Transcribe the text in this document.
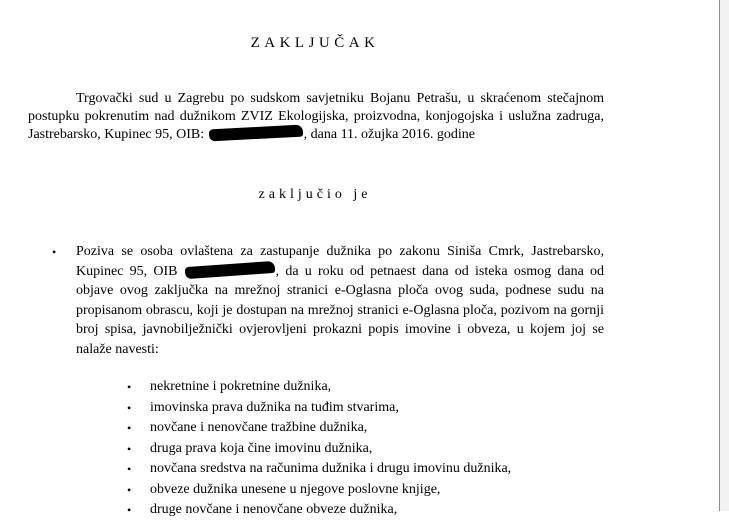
ZAKLJUČAK
Trgovački sud u Zagrebu po sudskom savjetniku Bojanu Petrašu, u skraćenom stečajnom postupku pokrenutim nad dužnikom ZVIZ Ekologijska, proizvodna, konjogojska i uslužna zadruga, Jastrebarsko, Kupinec 95, OIB:	, dana 11. ožujka 2016. godine
zaključio je
• Poziva se osoba ovlaštena za zastupanje dužnika po zakonu Siniša Cmrk, Jastrebarsko, Kupinec 95, OIB	, da u roku od petnaest dana od isteka osmog dana od objave ovog zaključka na mrežnoj stranici e-Oglasna ploča ovog suda, podnese sudu na propisanom obrascu, koji je dostupan na mrežnoj stranici e-Oglasna ploča, pozivom na gornji broj spisa, javnobilježnički ovjerovljeni prokazni popis imovine i obveza, u kojem joj se nalaže navesti:
• nekretnine i pokretnine dužnika,
• imovinska prava dužnika na tuđim stvarima,
• novčane i nenovčane tražbine dužnika,
• druga prava koja čine imovinu dužnika,
• novčana sredstva na računima dužnika i drugu imovinu dužnika,
• obveze dužnika unesene u njegove poslovne knjige,
• druge novčane i nenovčane obveze dužnika,
